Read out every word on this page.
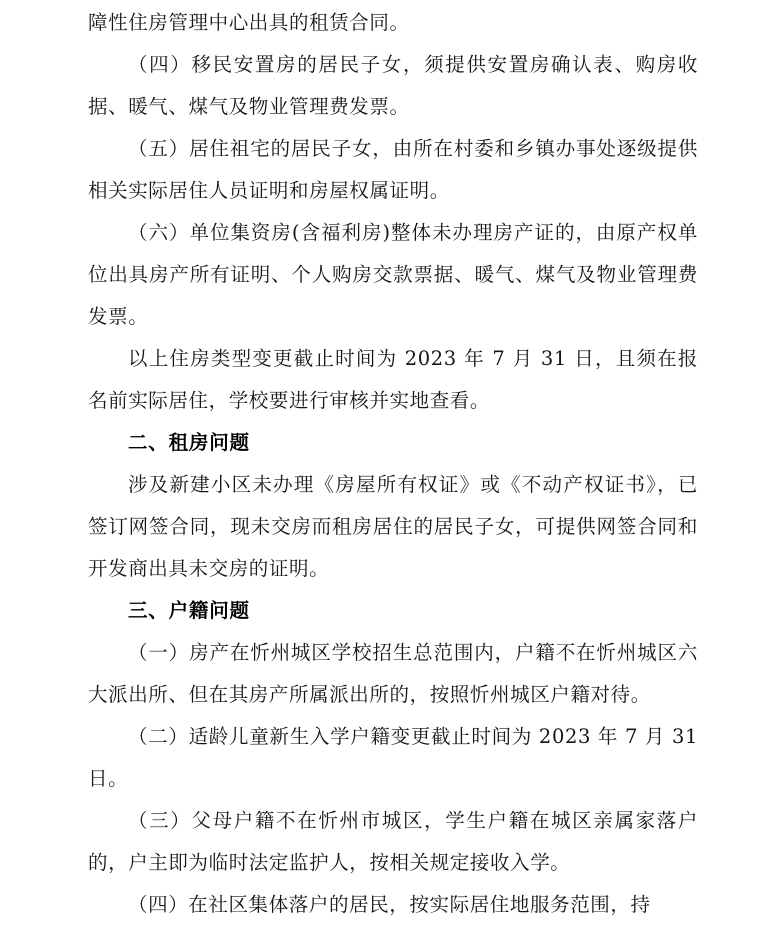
障性住房管理中心出具的租赁合同。

（四）移民安置房的居民子女，须提供安置房确认表、购房收据、暖气、煤气及物业管理费发票。

（五）居住祖宅的居民子女，由所在村委和乡镇办事处逐级提供相关实际居住人员证明和房屋权属证明。

（六）单位集资房(含福利房)整体未办理房产证的，由原产权单位出具房产所有证明、个人购房交款票据、暖气、煤气及物业管理费发票。

以上住房类型变更截止时间为 2023 年 7 月 31 日，且须在报名前实际居住，学校要进行审核并实地查看。

二、租房问题

涉及新建小区未办理《房屋所有权证》或《不动产权证书》，已签订网签合同，现未交房而租房居住的居民子女，可提供网签合同和开发商出具未交房的证明。

三、户籍问题

（一）房产在忻州城区学校招生总范围内，户籍不在忻州城区六大派出所、但在其房产所属派出所的，按照忻州城区户籍对待。

（二）适龄儿童新生入学户籍变更截止时间为 2023 年 7 月 31 日。

（三）父母户籍不在忻州市城区，学生户籍在城区亲属家落户的，户主即为临时法定监护人，按相关规定接收入学。

（四）在社区集体落户的居民，按实际居住地服务范围，持
